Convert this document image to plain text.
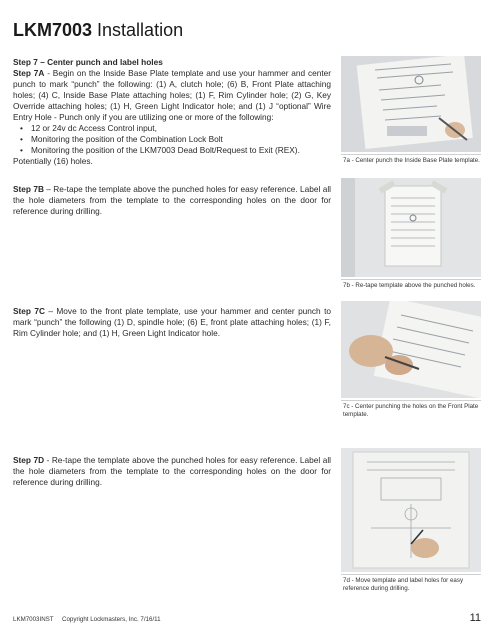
LKM7003 Installation

Step 7 – Center punch and label holes

Step 7A - Begin on the Inside Base Plate template and use your hammer and center punch to mark “punch” the following: (1) A, clutch hole; (6) B, Front Plate attaching holes; (4) C, Inside Base Plate attaching holes; (1) F, Rim Cylinder hole; (2) G, Key Override attaching holes; (1) H, Green Light Indicator hole; and (1) J “optional” Wire Entry Hole - Punch only if you are utilizing one or more of the following:

• 12 or 24v dc Access Control input,
• Monitoring the position of the Combination Lock Bolt
• Monitoring the position of the LKM7003 Dead Bolt/Request to Exit (REX).

Potentially (16) holes.

Step 7B – Re-tape the template above the punched holes for easy reference. Label all the hole diameters from the template to the corresponding holes on the door for reference during drilling.

Step 7C – Move to the front plate template, use your hammer and center punch to mark “punch” the following (1) D, spindle hole; (6) E, front plate attaching holes; (1) F, Rim Cylinder hole; and (1) H, Green Light Indicator hole.

Step 7D - Re-tape the template above the punched holes for easy reference. Label all the hole diameters from the template to the corresponding holes on the door for reference during drilling.

7a - Center punch the Inside Base Plate template.
7b - Re-tape template above the punched holes.
7c - Center punching the holes on the Front Plate template.
7d - Move template and label holes for easy reference during drilling.
LKM7003INST Copyright Lockmasters, Inc. 7/16/11	11
